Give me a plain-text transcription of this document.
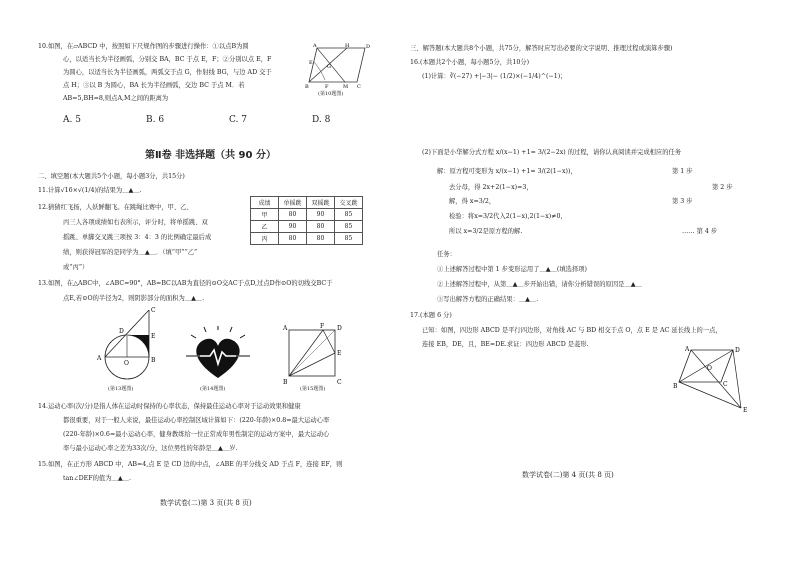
10.如图，在▱ABCD 中，按照如下尺规作图的步骤进行操作：①以点B为圆
心，以适当长为半径画弧，分别交 BA，BC 于点 E，F；②分别以点 E，F
为圆心，以适当长为半径画弧，两弧交于点 G，作射线 BG，与边 AD 交于
点 H；③以 B 为圆心，BA 长为半径画弧，交边 BC 于点 M．若
AB=5,BH=8,则点A,M之间的距离为
A	H	D
E
G
B	F	M C
(第10题图)
A. 5	B. 6	C. 7	D. 8
第Ⅱ卷 非选择题（共 90 分）
二、填空题(本大题共5个小题，每小题3分，共15分)
11.计算√16×√(1/4)的结果为＿▲＿.
12.猜猜红飞扬，人妖鲜翻飞。在跳绳比赛中，甲、乙、
丙三人各项成绩如右表所示，评分时，将单摇跳、双
摇跳、单脚交叉跳三项按 3：4：3 的比例确定最后成
绩，则获得冠军的是同学为＿▲＿．（填“甲”“乙”
或“丙”）
成绩	单摇跳	双摇跳	交叉跳
甲	80	90	85
乙	90	80	85
丙	80	80	85
13.如图，在△ABC中，∠ABC=90°，AB=BC以AB为直径的⊙O交AC于点D,过点D作⊙O的切线交BC于
点E,若⊙O的半径为2，则阴影部分的面积为＿▲＿.
C
D
E
A
O	B
(第13题图)	(第14题图)
A	F D
E
B	C
(第15题图)
14.运动心率(次/分)是指人体在运动时保持的心率状态，保持最佳运动心率对于运动效果和健康
都很重要，对于一般人来说，最佳运动心率控制区域计算如下：(220-年龄)×0.8=最大运动心率
(220-年龄)×0.6=最小运动心率，健身教练给一位正常成年男性制定的运动方案中，最大运动心
率与最小运动心率之差为33次/分，这位男性的年龄是＿▲＿岁.
15.如图，在正方形 ABCD 中，AB=4,点 E 是 CD 边的中点，∠ABE 的平分线交 AD 于点 F，连接 EF，则
tan∠DEF的值为＿▲＿.
数学试卷(二)第 3 页(共 8 页)
三、解答题(本大题共8个小题，共75分，解答时应写出必要的文字说明、推理过程或演算步骤)
16.(本题共2个小题，每小题5分，共10分)
(1)计算：∛(−27) +|−3|− (1/2)×(−1/4)^(−1)；
(2)下面是小华解分式方程 x/(x−1) +1= 3/(2−2x) 的过程，请你认真阅读并完成相应的任务
解：原方程可变形为 x/(x−1) +1= 3/(2(1−x))，	第 1 步
去分母，得 2x+2(1−x)=3，	第 2 步
解，得 x=3/2，	第 3 步
检验：将x=3/2代入2(1−x),2(1−x)≠0,
所以 x=3/2是原方程的解.	…… 第 4 步
任务：
①上述解答过程中第 1 步变形运用了＿▲＿(填选择项)
②上述解答过程中，从第＿▲＿步开始出错，请你分析错误的原因是＿▲＿
③写出解答方程的正确结果：＿▲＿.
17.(本题 6 分)
已知：如图，四边形 ABCD 是平行四边形，对角线 AC 与 BD 相交于点 O，点 E 是 AC 延长线上的一点，
连接 EB，DE，且，BE=DE.求证：四边形 ABCD 是菱形.
A	D
O
B	C
E
数学试卷(二)第 4 页(共 8 页)
